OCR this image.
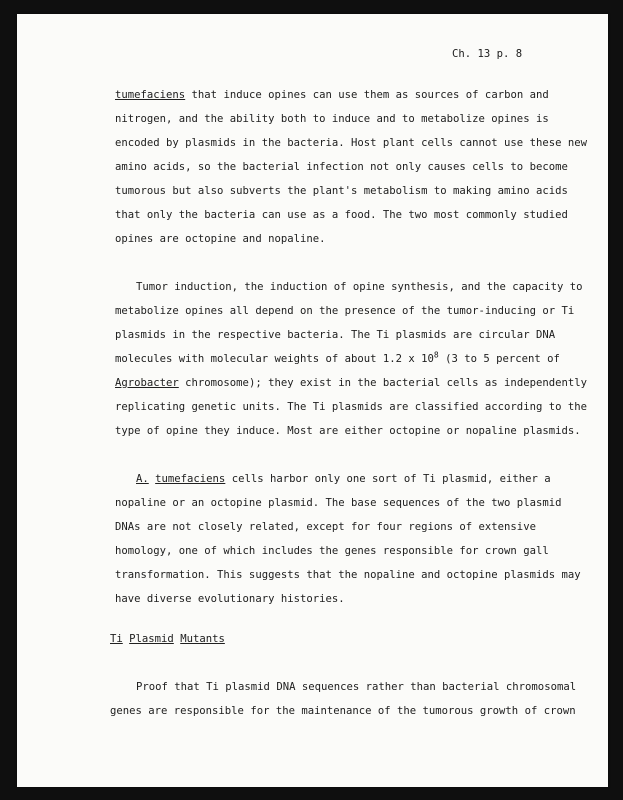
Ch. 13 p. 8
tumefaciens that induce opines can use them as sources of carbon and
nitrogen, and the ability both to induce and to metabolize opines is
encoded by plasmids in the bacteria. Host plant cells cannot use these new
amino acids, so the bacterial infection not only causes cells to become
tumorous but also subverts the plant's metabolism to making amino acids
that only the bacteria can use as a food. The two most commonly studied
opines are octopine and nopaline.
Tumor induction, the induction of opine synthesis, and the capacity to
metabolize opines all depend on the presence of the tumor-inducing or Ti
plasmids in the respective bacteria. The Ti plasmids are circular DNA
molecules with molecular weights of about 1.2 x $10^8$ (3 to 5 percent of
Agrobacter chromosome); they exist in the bacterial cells as independently
replicating genetic units. The Ti plasmids are classified according to the
type of opine they induce. Most are either octopine or nopaline plasmids.
A. tumefaciens cells harbor only one sort of Ti plasmid, either a
nopaline or an octopine plasmid. The base sequences of the two plasmid
DNAs are not closely related, except for four regions of extensive
homology, one of which includes the genes responsible for crown gall
transformation. This suggests that the nopaline and octopine plasmids may
have diverse evolutionary histories.
Ti Plasmid Mutants
Proof that Ti plasmid DNA sequences rather than bacterial chromosomal
genes are responsible for the maintenance of the tumorous growth of crown
